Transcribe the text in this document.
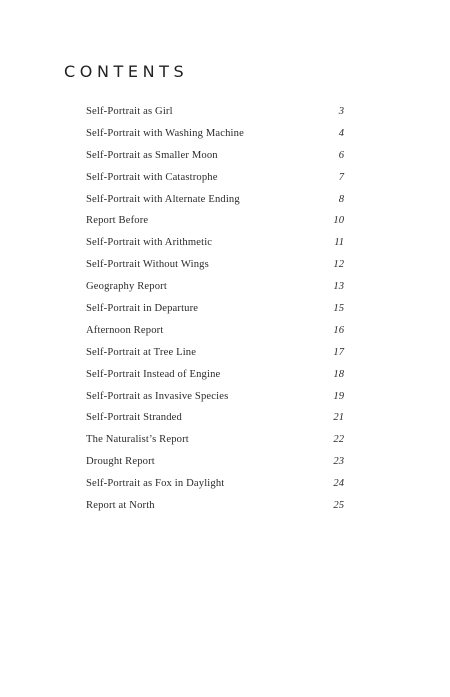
CONTENTS
Self-Portrait as Girl	3
Self-Portrait with Washing Machine	4
Self-Portrait as Smaller Moon	6
Self-Portrait with Catastrophe	7
Self-Portrait with Alternate Ending	8
Report Before	10
Self-Portrait with Arithmetic	11
Self-Portrait Without Wings	12
Geography Report	13
Self-Portrait in Departure	15
Afternoon Report	16
Self-Portrait at Tree Line	17
Self-Portrait Instead of Engine	18
Self-Portrait as Invasive Species	19
Self-Portrait Stranded	21
The Naturalist’s Report	22
Drought Report	23
Self-Portrait as Fox in Daylight	24
Report at North	25
